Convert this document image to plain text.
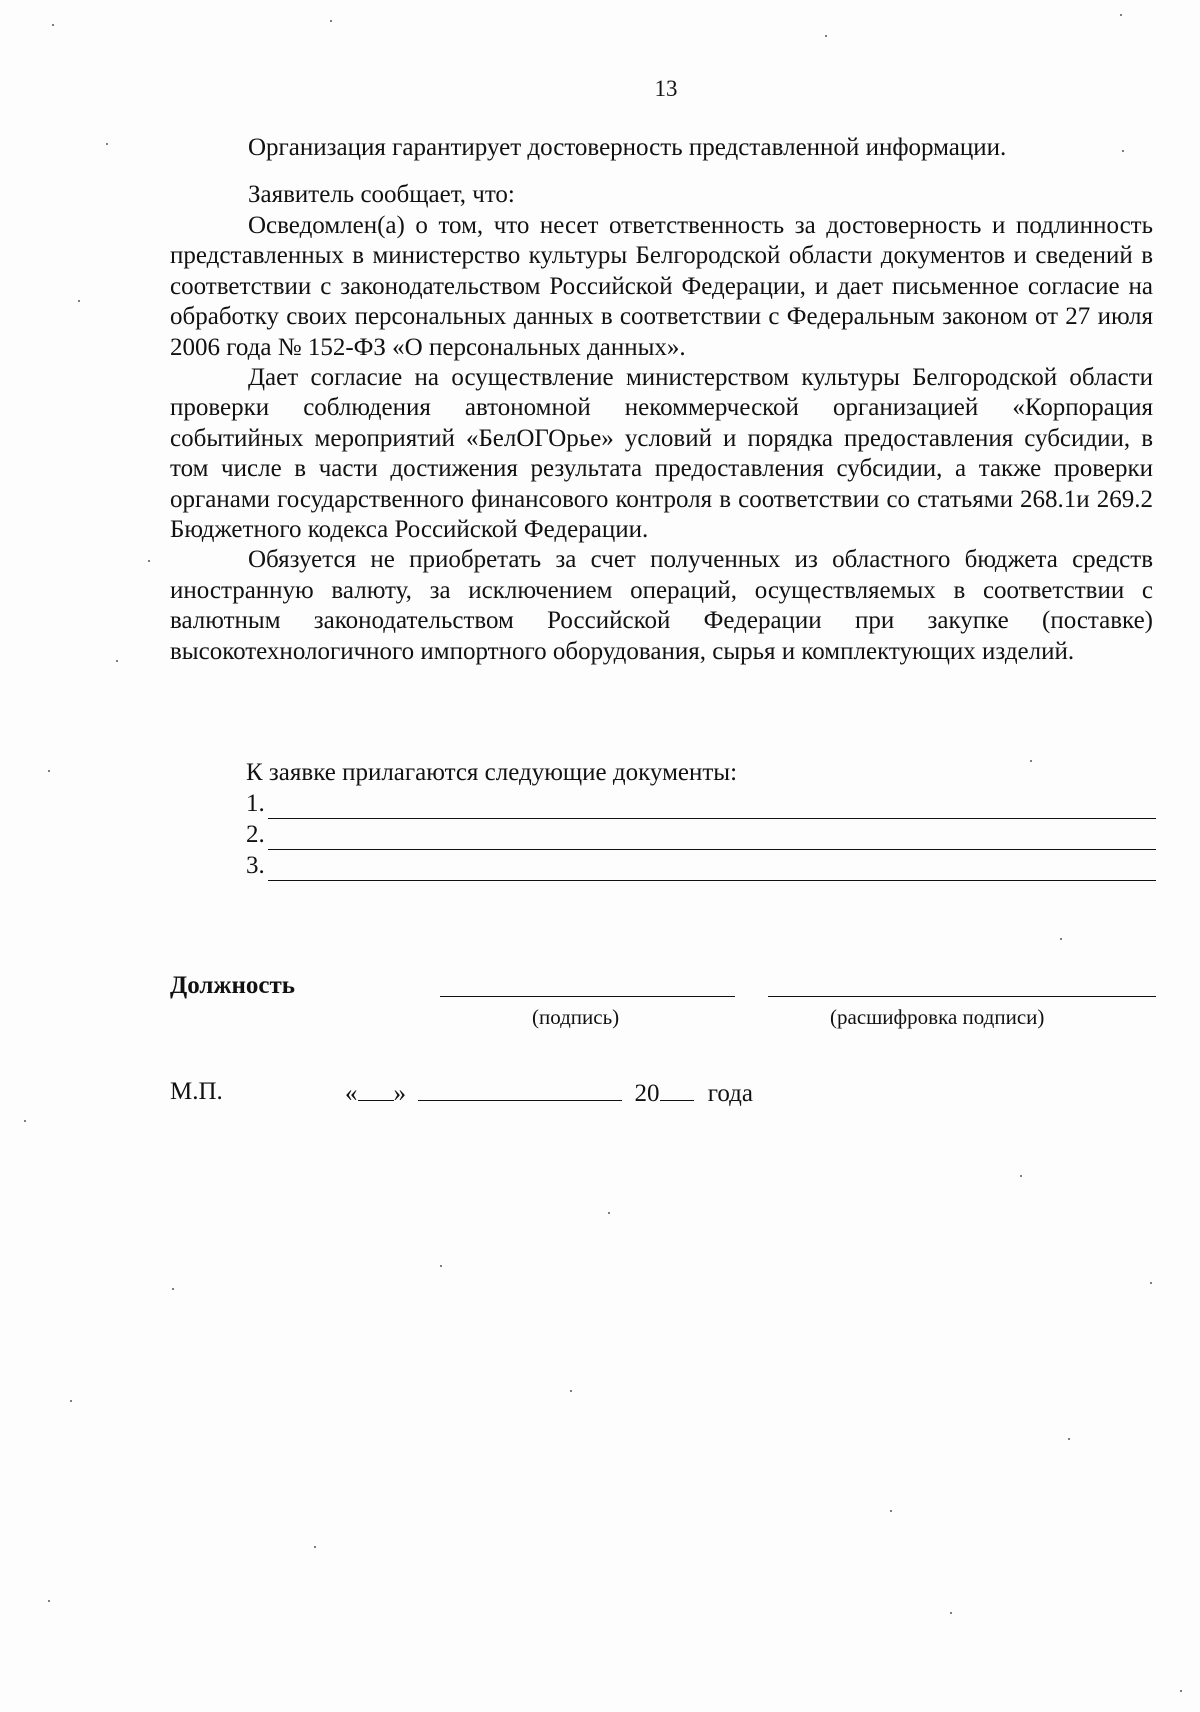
13
Организация гарантирует достоверность представленной информации.
Заявитель сообщает, что:

Осведомлен(а) о том, что несет ответственность за достоверность и подлинность представленных в министерство культуры Белгородской области документов и сведений в соответствии с законодательством Российской Федерации, и дает письменное согласие на обработку своих персональных данных в соответствии с Федеральным законом от 27 июля 2006 года № 152-ФЗ «О персональных данных».

Дает согласие на осуществление министерством культуры Белгородской области проверки соблюдения автономной некоммерческой организацией «Корпорация событийных мероприятий «БелОГОрье» условий и порядка предоставления субсидии, в том числе в части достижения результата предоставления субсидии, а также проверки органами государственного финансового контроля в соответствии со статьями 268.1и 269.2 Бюджетного кодекса Российской Федерации.

Обязуется не приобретать за счет полученных из областного бюджета средств иностранную валюту, за исключением операций, осуществляемых в соответствии с валютным законодательством Российской Федерации при закупке (поставке) высокотехнологичного импортного оборудования, сырья и комплектующих изделий.

К заявке прилагаются следующие документы:
1.
2.
3.
Должность
(подпись)	(расшифровка подписи)
М.П.	« »	20 года
